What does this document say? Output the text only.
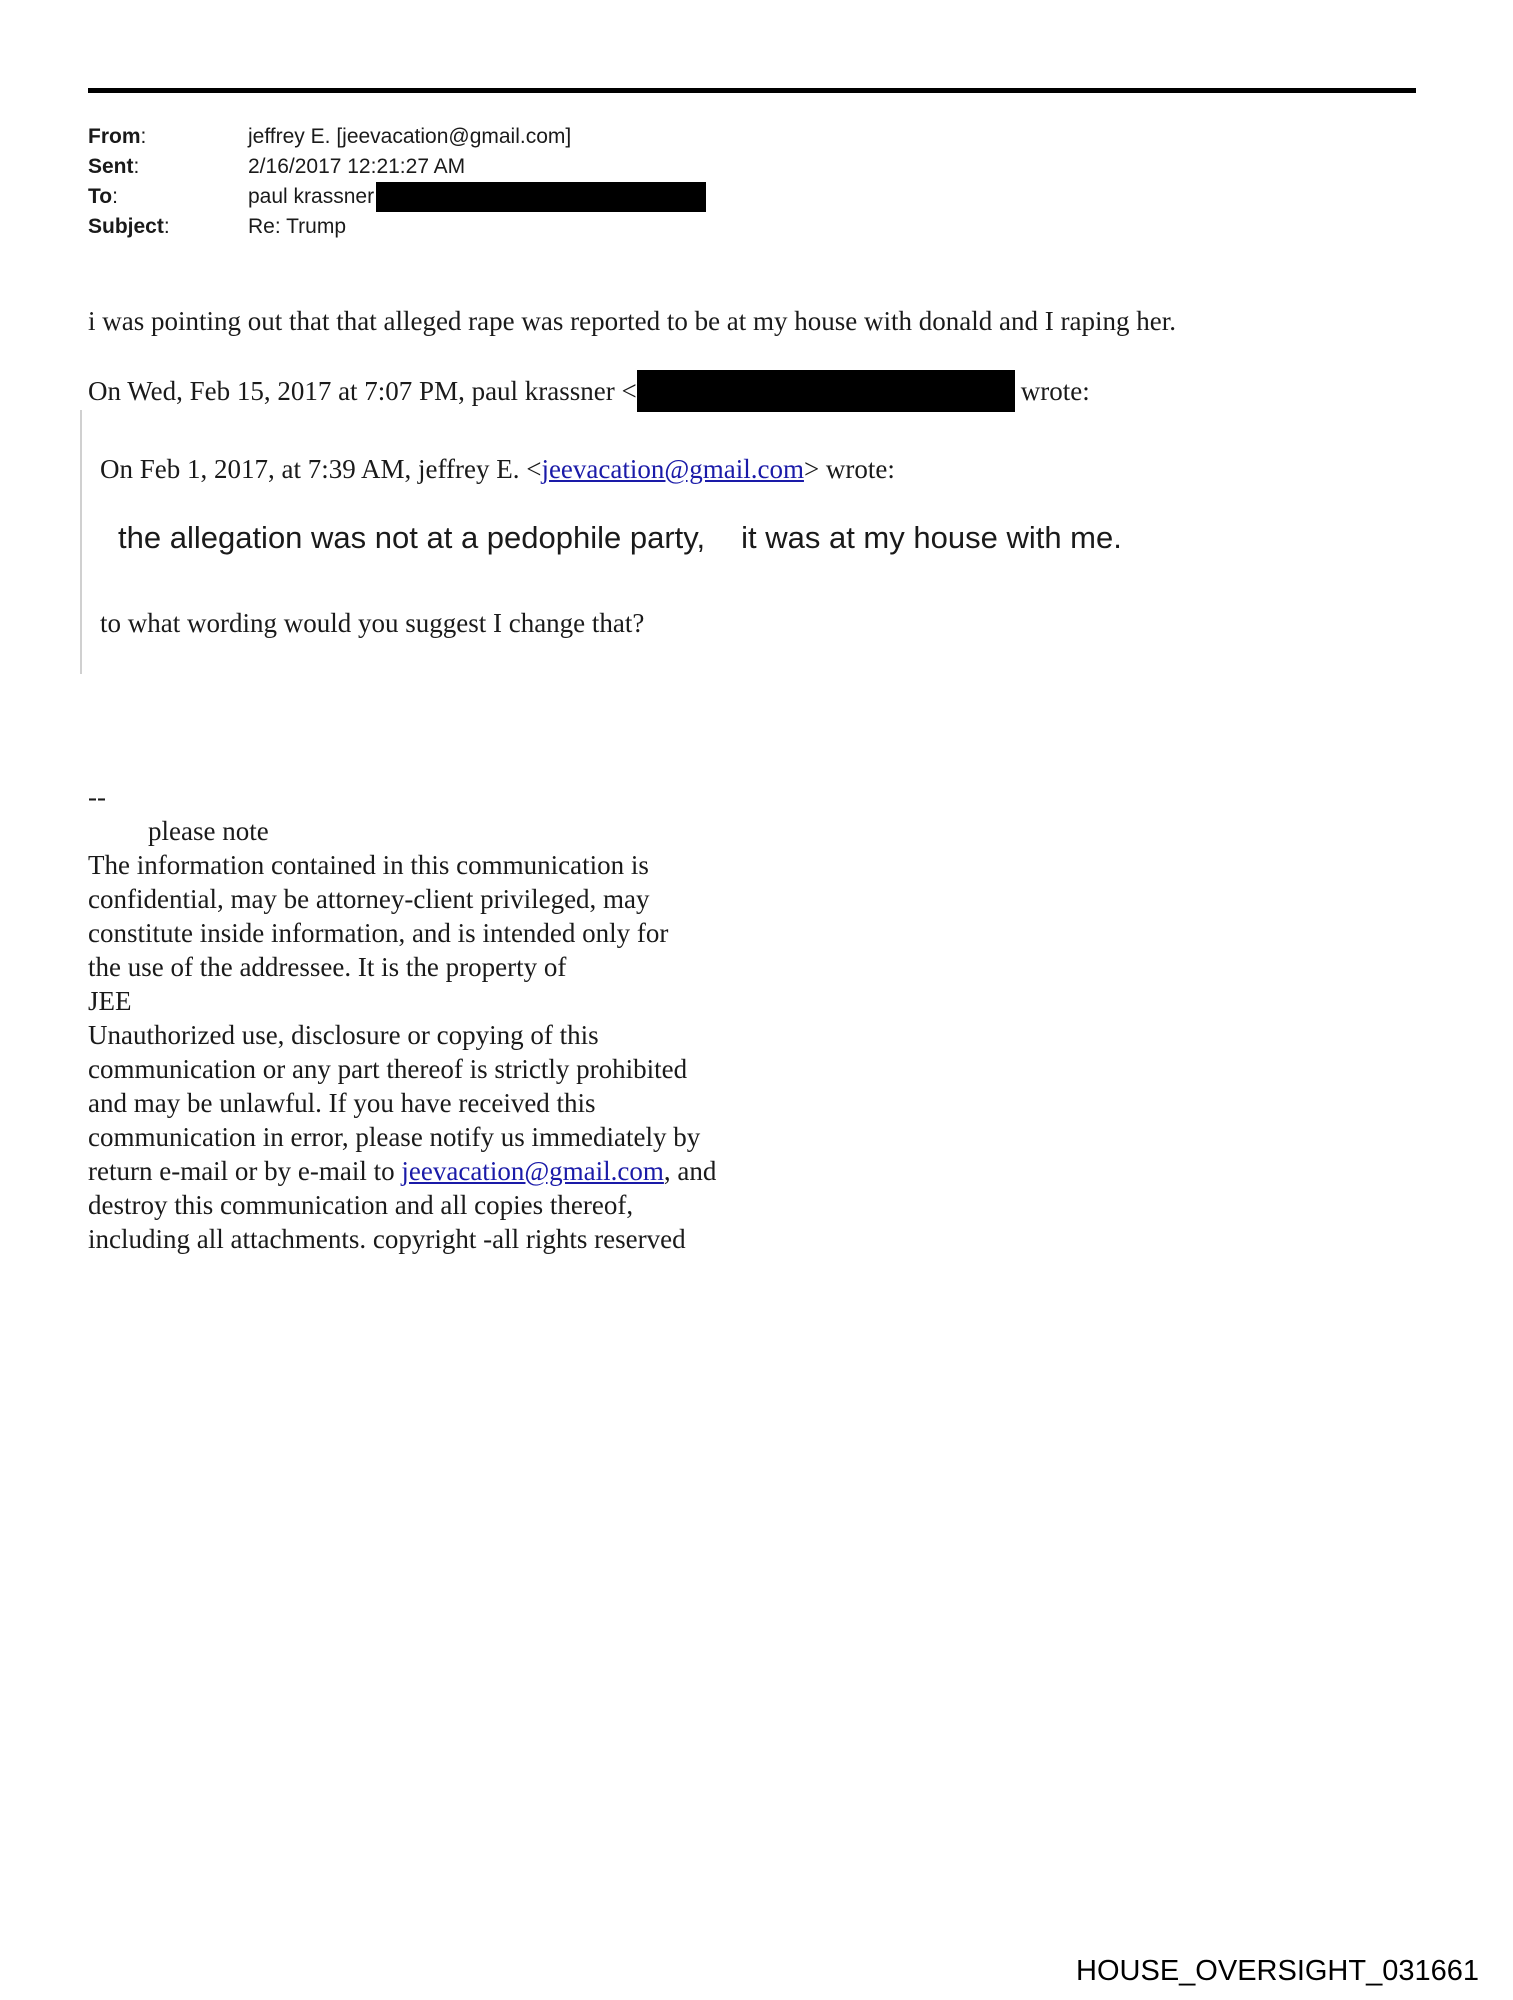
From:	jeffrey E. [jeevacation@gmail.com]
Sent:	2/16/2017 12:21:27 AM
To:	paul krassner
Subject:	Re: Trump
i was pointing out that that alleged rape was reported to be at my house with donald and I raping her.
On Wed, Feb 15, 2017 at 7:07 PM, paul krassner <	wrote:
On Feb 1, 2017, at 7:39 AM, jeffrey E. <jeevacation@gmail.com> wrote:
the allegation was not at a pedophile party, it was at my house with me.
to what wording would you suggest I change that?
--
please note
The information contained in this communication is
confidential, may be attorney-client privileged, may
constitute inside information, and is intended only for
the use of the addressee. It is the property of
JEE
Unauthorized use, disclosure or copying of this
communication or any part thereof is strictly prohibited
and may be unlawful. If you have received this
communication in error, please notify us immediately by
return e-mail or by e-mail to jeevacation@gmail.com, and
destroy this communication and all copies thereof,
including all attachments. copyright -all rights reserved
HOUSE_OVERSIGHT_031661
